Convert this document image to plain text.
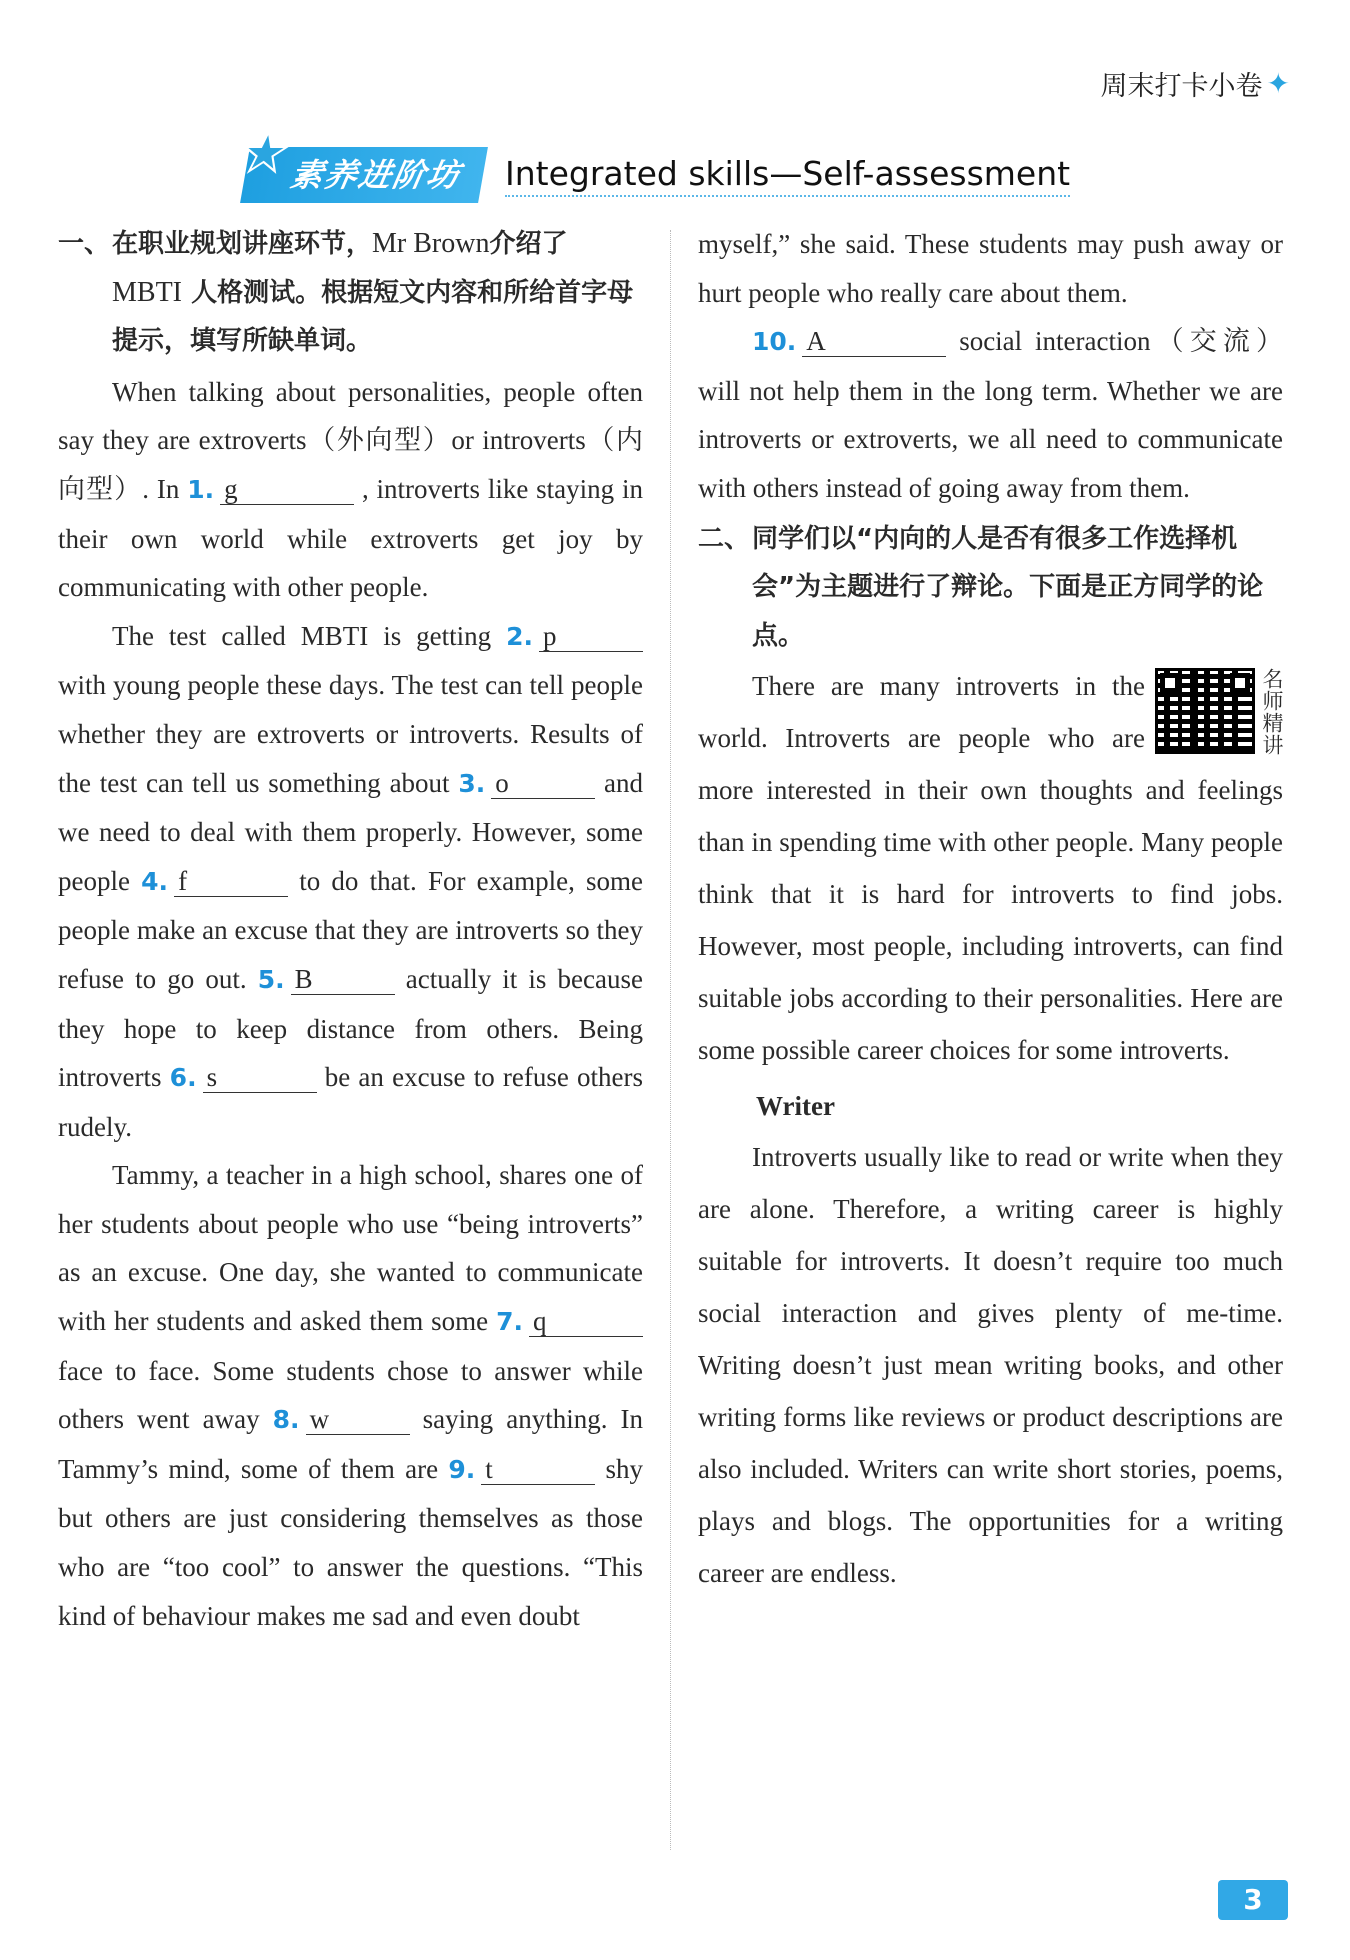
周末打卡小卷 ✦
★
素养进阶坊	Integrated skills—Self-assessment
一、在职业规划讲座环节，Mr Brown介绍了
MBTI 人格测试。根据短文内容和所给首字母提示，填写所缺单词。

When talking about personalities, people often say they are extroverts（外向型）or introverts（内向型）. In 1. g	, introverts like staying in their own world while extroverts get joy by communicating with other people.

The test called MBTI is getting 2. p with young people these days. The test can tell people whether they are extroverts or introverts. Results of the test can tell us something about 3. o	and we need to deal with them properly. However, some people 4. f	to do that. For example, some people make an excuse that they are introverts so they refuse to go out. 5. B	actually it is because they hope to keep distance from others. Being introverts 6. s	be an excuse to refuse others rudely.

Tammy, a teacher in a high school, shares one of her students about people who use “being introverts” as an excuse. One day, she wanted to communicate with her students and asked them some 7. q face to face. Some students chose to answer while others went away 8. w	saying anything. In Tammy’s mind, some of them are 9. t	shy but others are just considering themselves as those who are “too cool” to answer the questions. “This kind of behaviour makes me sad and even doubt

myself,” she said. These students may push away or hurt people who really care about them.

10. A	social interaction（交流）will not help them in the long term. Whether we are introverts or extroverts, we all need to communicate with others instead of going away from them.

二、同学们以“内向的人是否有很多工作选择机会”为主题进行了辩论。下面是正方同学的论点。
名师精讲

There are many introverts in the world. Introverts are people who are more interested in their own thoughts and feelings than in spending time with other people. Many people think that it is hard for introverts to find jobs. However, most people, including introverts, can find suitable jobs according to their personalities. Here are some possible career choices for some introverts.

Writer

Introverts usually like to read or write when they are alone. Therefore, a writing career is highly suitable for introverts. It doesn’t require too much social interaction and gives plenty of me-time. Writing doesn’t just mean writing books, and other writing forms like reviews or product descriptions are also included. Writers can write short stories, poems, plays and blogs. The opportunities for a writing career are endless.

3
